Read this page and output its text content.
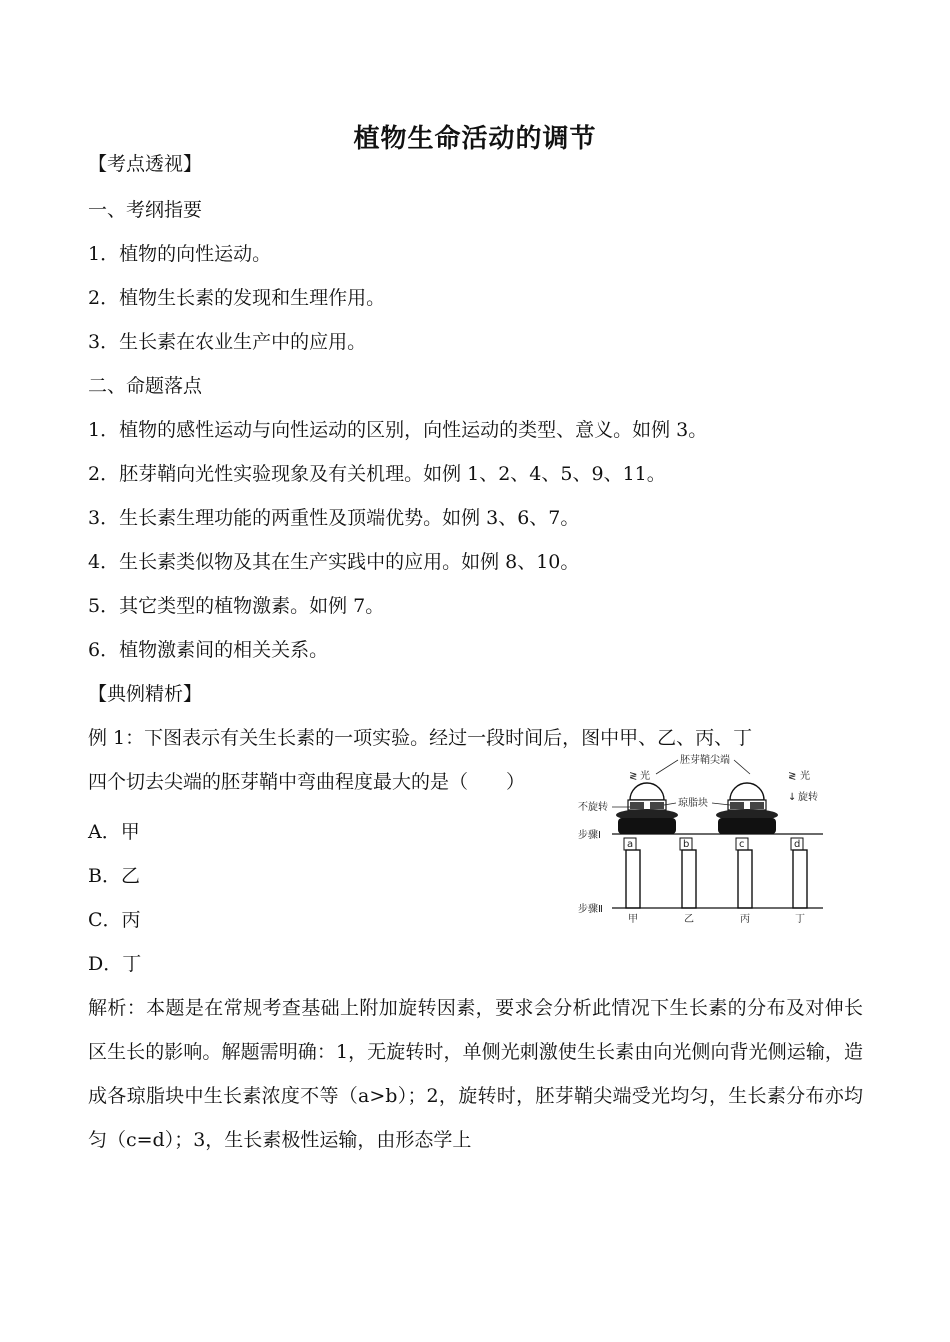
植物生命活动的调节
【考点透视】
一、考纲指要
1．植物的向性运动。
2．植物生长素的发现和生理作用。
3．生长素在农业生产中的应用。
二、命题落点
1．植物的感性运动与向性运动的区别，向性运动的类型、意义。如例 3。
2．胚芽鞘向光性实验现象及有关机理。如例 1、2、4、5、9、11。
3．生长素生理功能的两重性及顶端优势。如例 3、6、7。
4．生长素类似物及其在生产实践中的应用。如例 8、10。
5．其它类型的植物激素。如例 7。
6．植物激素间的相关关系。
【典例精析】
例 1：下图表示有关生长素的一项实验。经过一段时间后，图中甲、乙、丙、丁
四个切去尖端的胚芽鞘中弯曲程度最大的是（　　）
A．甲
B．乙
C．丙
D．丁
解析：本题是在常规考查基础上附加旋转因素，要求会分析此情况下生长素的分布及对伸长区生长的影响。解题需明确：1，无旋转时，单侧光刺激使生长素由向光侧向背光侧运输，造成各琼脂块中生长素浓度不等（a>b）；2，旋转时，胚芽鞘尖端受光均匀，生长素分布亦均匀（c=d）；3，生长素极性运输，由形态学上
胚芽鞘尖端
≷ 光	≷ 光
不旋转	琼脂块
↓ 旋转
步骤Ⅰ
a	b	c	d
步骤Ⅱ
甲	乙	丙	丁
